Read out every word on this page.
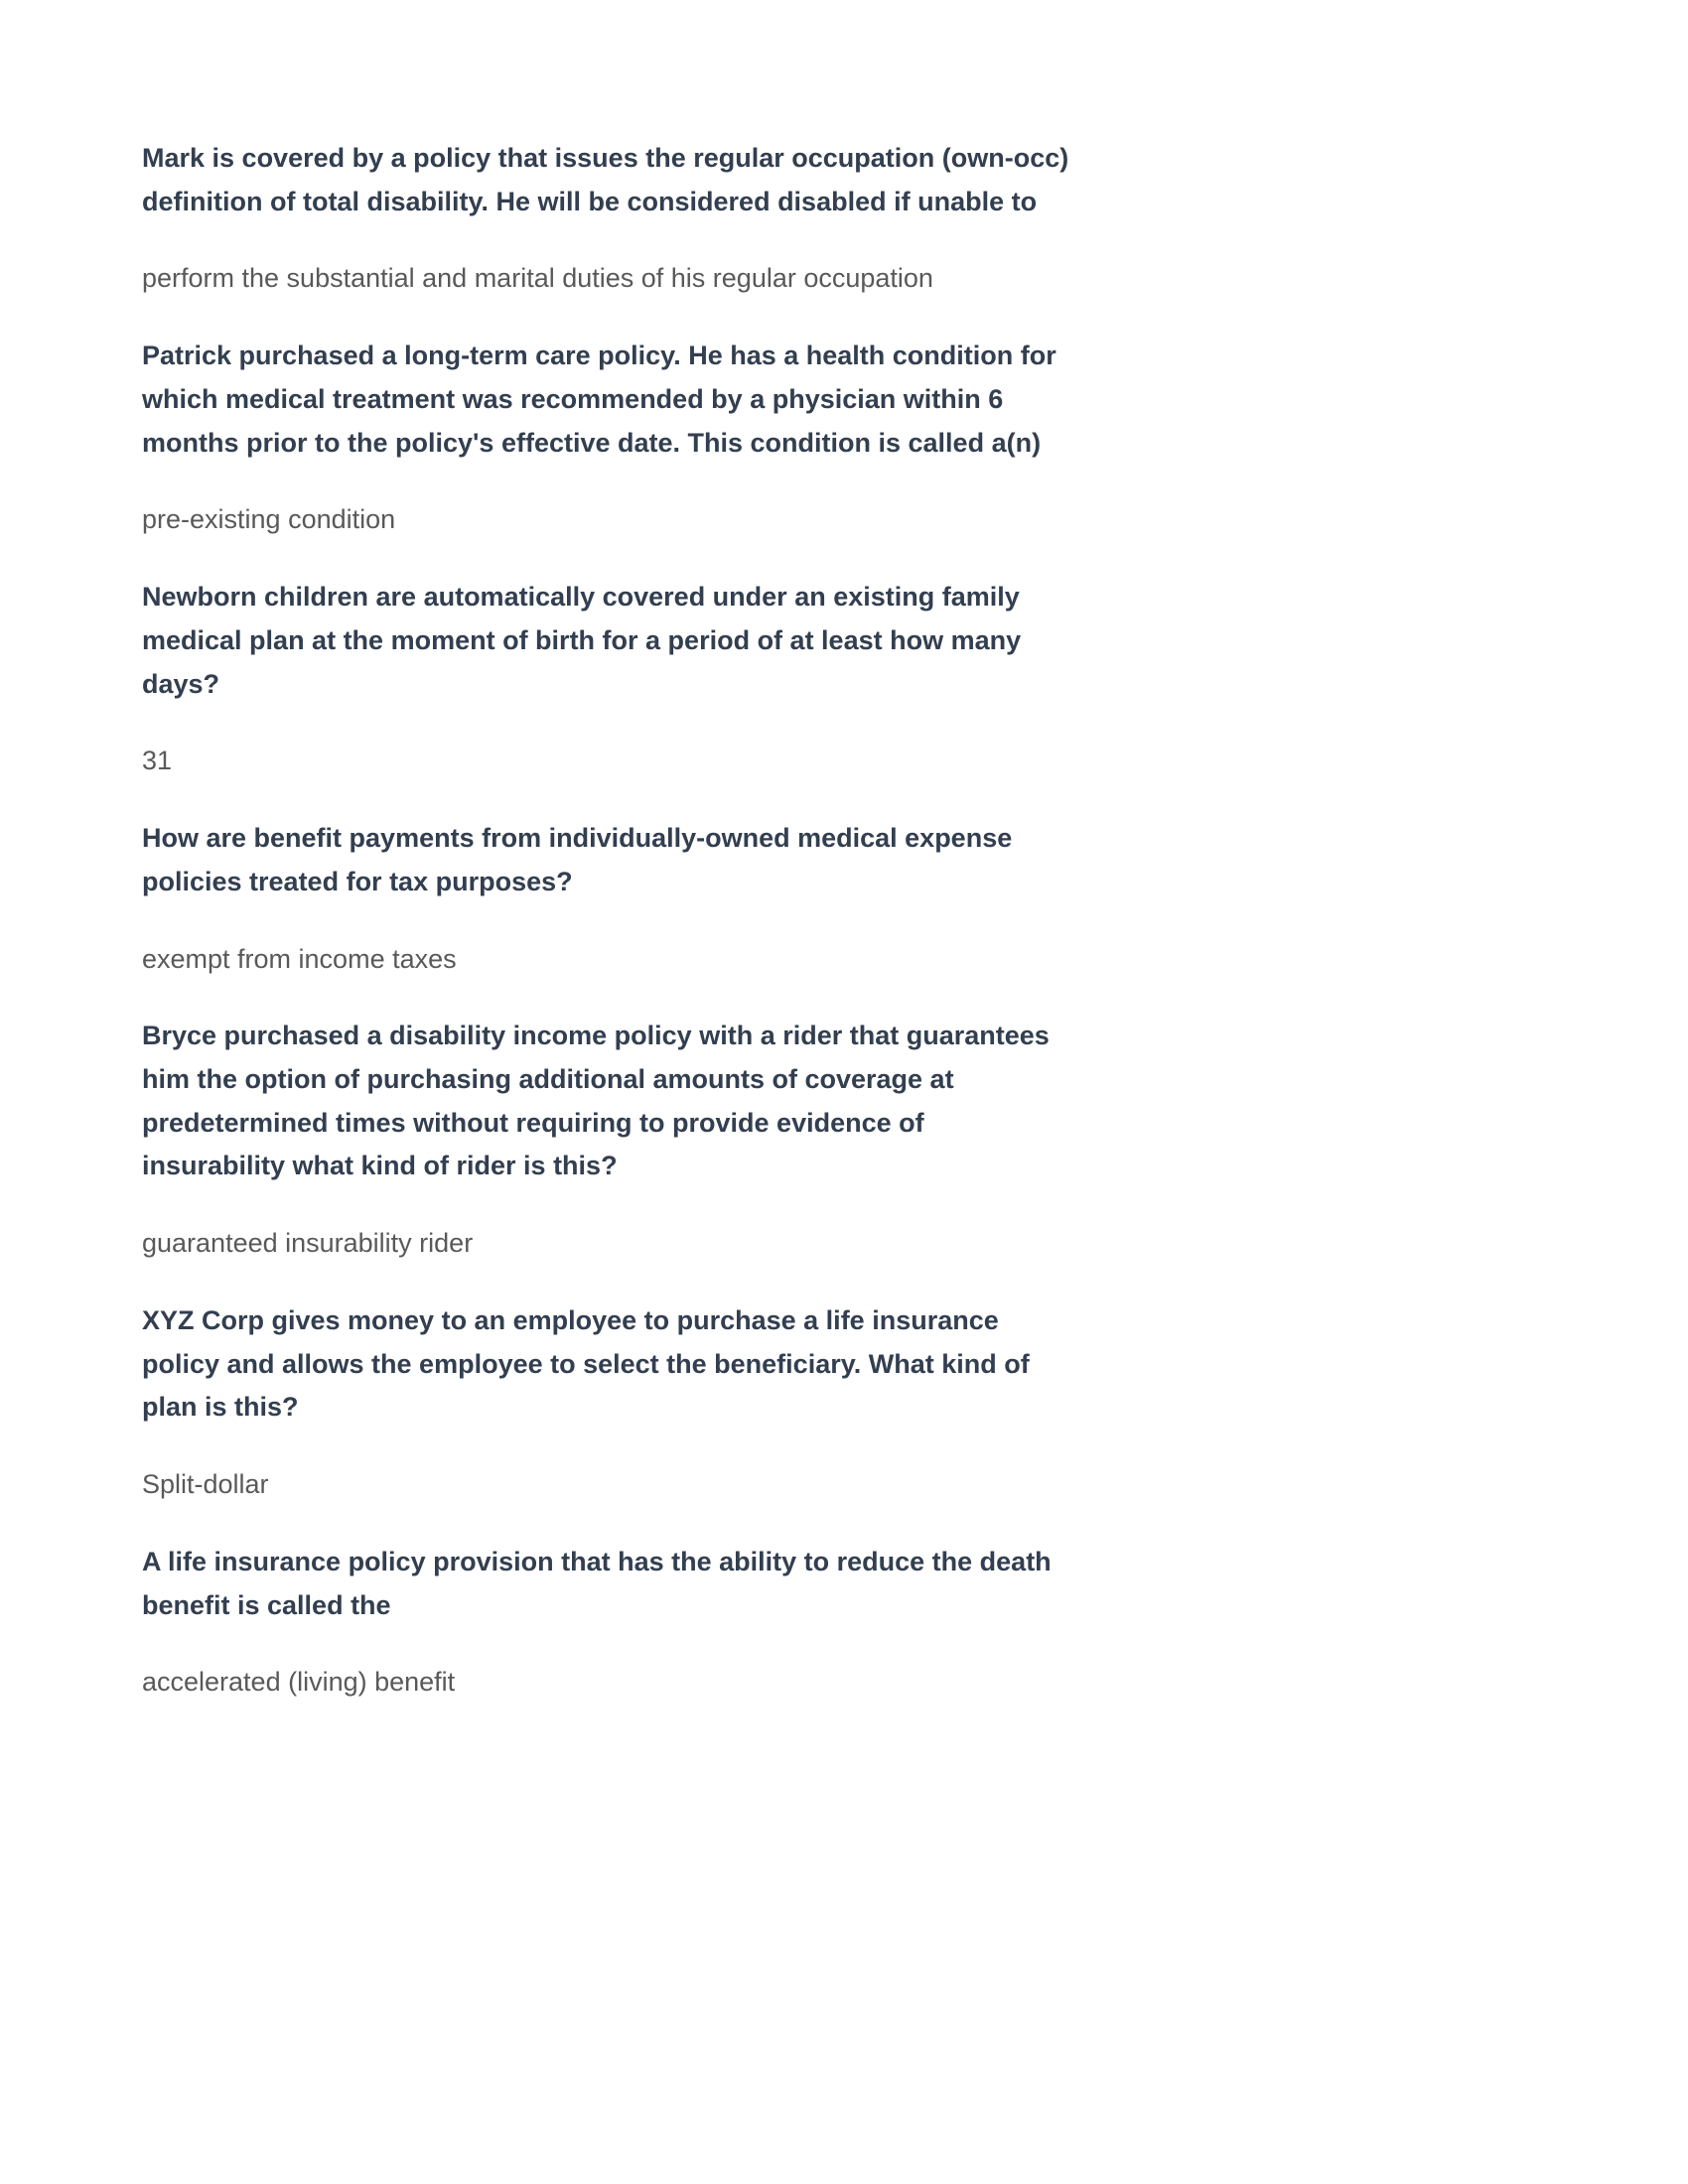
Mark is covered by a policy that issues the regular occupation (own-occ) definition of total disability. He will be considered disabled if unable to

perform the substantial and marital duties of his regular occupation

Patrick purchased a long-term care policy. He has a health condition for which medical treatment was recommended by a physician within 6 months prior to the policy's effective date. This condition is called a(n)

pre-existing condition

Newborn children are automatically covered under an existing family medical plan at the moment of birth for a period of at least how many days?

31

How are benefit payments from individually-owned medical expense policies treated for tax purposes?

exempt from income taxes

Bryce purchased a disability income policy with a rider that guarantees him the option of purchasing additional amounts of coverage at predetermined times without requiring to provide evidence of insurability what kind of rider is this?

guaranteed insurability rider

XYZ Corp gives money to an employee to purchase a life insurance policy and allows the employee to select the beneficiary. What kind of plan is this?

Split-dollar

A life insurance policy provision that has the ability to reduce the death benefit is called the

accelerated (living) benefit
